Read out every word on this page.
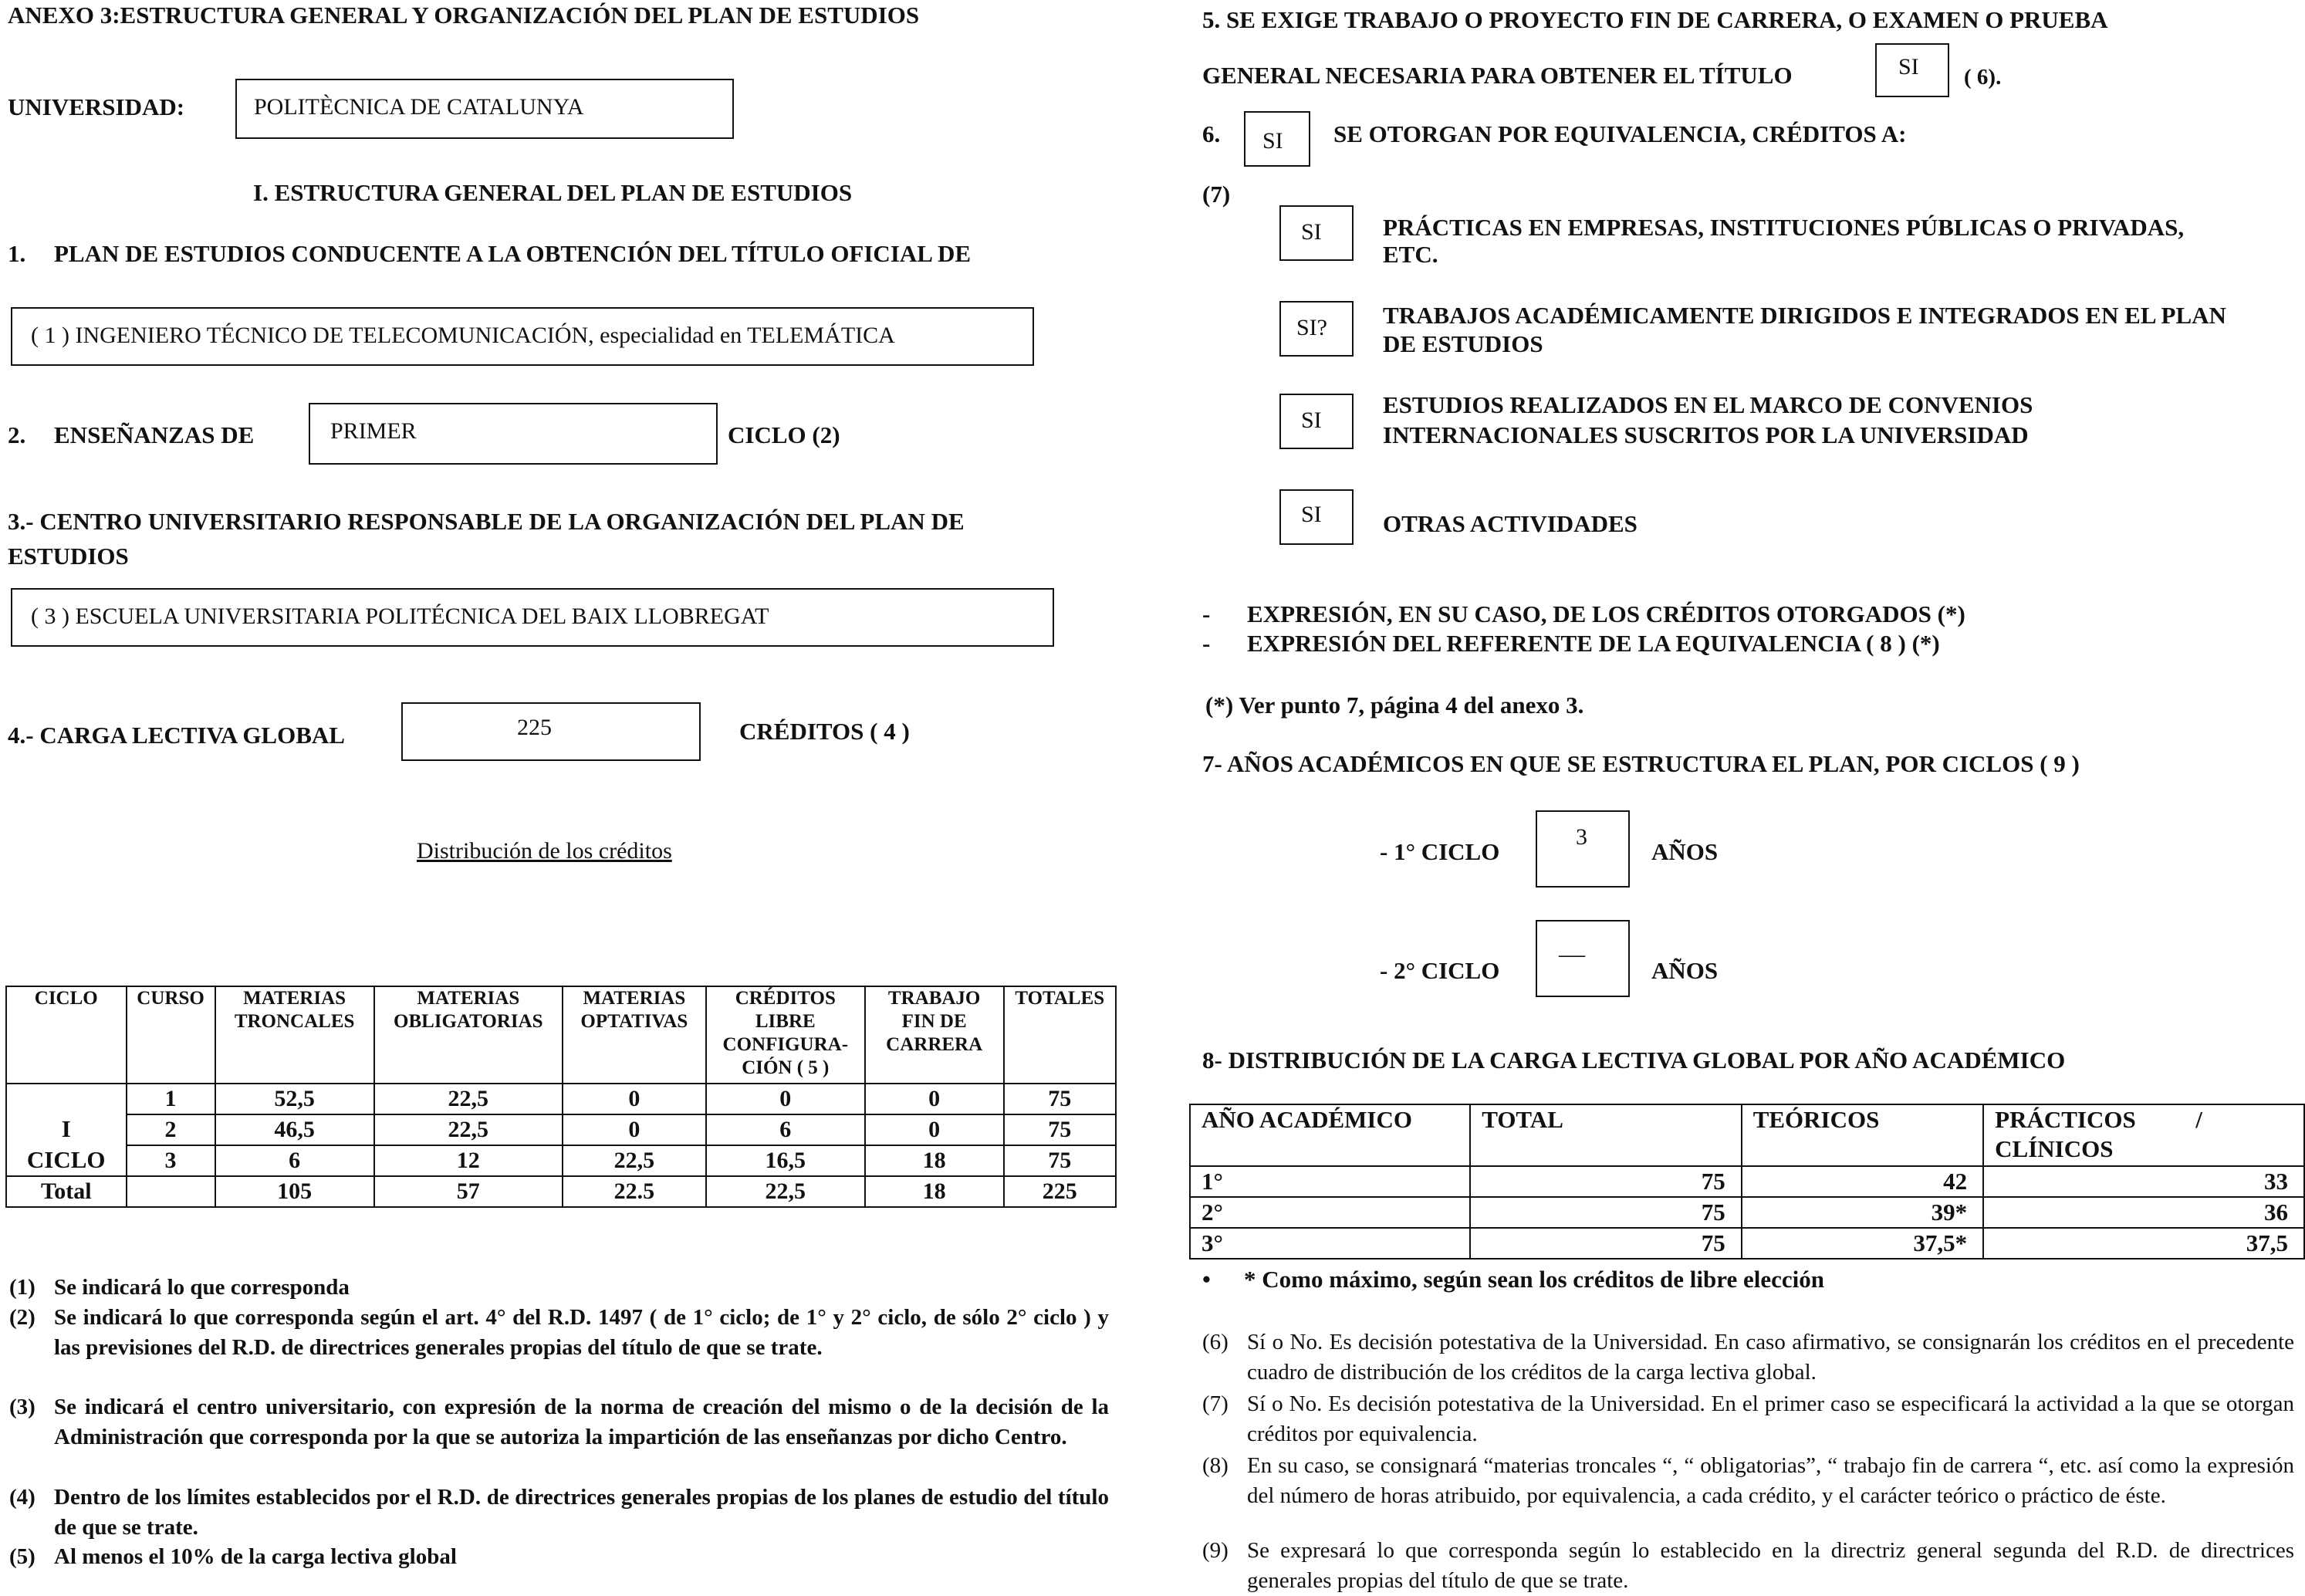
ANEXO 3:ESTRUCTURA GENERAL Y ORGANIZACIÓN DEL PLAN DE ESTUDIOS
UNIVERSIDAD:	POLITÈCNICA DE CATALUNYA
I. ESTRUCTURA GENERAL DEL PLAN DE ESTUDIOS
1. PLAN DE ESTUDIOS CONDUCENTE A LA OBTENCIÓN DEL TÍTULO OFICIAL DE
( 1 ) INGENIERO TÉCNICO DE TELECOMUNICACIÓN, especialidad en TELEMÁTICA
2. ENSEÑANZAS DE	PRIMER	CICLO (2)
3.- CENTRO UNIVERSITARIO RESPONSABLE DE LA ORGANIZACIÓN DEL PLAN DE
ESTUDIOS
( 3 ) ESCUELA UNIVERSITARIA POLITÉCNICA DEL BAIX LLOBREGAT
4.- CARGA LECTIVA GLOBAL	225	CRÉDITOS ( 4 )
Distribución de los créditos
CICLO	CURSO	MATERIAS TRONCALES	MATERIAS OBLIGATORIAS	MATERIAS OPTATIVAS	CRÉDITOS LIBRE CONFIGURA-CIÓN ( 5 )	TRABAJO FIN DE CARRERA	TOTALES

I
CICLO	1	52,5	22,5	0	0	0	75
	2	46,5	22,5	0	6	0	75
	3	6	12	22,5	16,5	18	75
Total		105	57	22.5	22,5	18	225
(1) Se indicará lo que corresponda
(2) Se indicará lo que corresponda según el art. 4° del R.D. 1497 ( de 1° ciclo; de 1° y 2° ciclo, de sólo 2° ciclo ) y las previsiones del R.D. de directrices generales propias del título de que se trate.
(3) Se indicará el centro universitario, con expresión de la norma de creación del mismo o de la decisión de la Administración que corresponda por la que se autoriza la impartición de las enseñanzas por dicho Centro.
(4) Dentro de los límites establecidos por el R.D. de directrices generales propias de los planes de estudio del título de que se trate.
(5) Al menos el 10% de la carga lectiva global
5. SE EXIGE TRABAJO O PROYECTO FIN DE CARRERA, O EXAMEN O PRUEBA
GENERAL NECESARIA PARA OBTENER EL TÍTULO	SI ( 6).
6. SI SE OTORGAN POR EQUIVALENCIA, CRÉDITOS A:
(7)
SI	PRÁCTICAS EN EMPRESAS, INSTITUCIONES PÚBLICAS O PRIVADAS,
ETC.
SI? TRABAJOS ACADÉMICAMENTE DIRIGIDOS E INTEGRADOS EN EL PLAN
DE ESTUDIOS
SI
ESTUDIOS REALIZADOS EN EL MARCO DE CONVENIOS
INTERNACIONALES SUSCRITOS POR LA UNIVERSIDAD
SI	OTRAS ACTIVIDADES
- EXPRESIÓN, EN SU CASO, DE LOS CRÉDITOS OTORGADOS (*)
- EXPRESIÓN DEL REFERENTE DE LA EQUIVALENCIA ( 8 ) (*)
(*) Ver punto 7, página 4 del anexo 3.
7- AÑOS ACADÉMICOS EN QUE SE ESTRUCTURA EL PLAN, POR CICLOS ( 9 )
- 1° CICLO
3
AÑOS
- 2° CICLO
—
AÑOS
8- DISTRIBUCIÓN DE LA CARGA LECTIVA GLOBAL POR AÑO ACADÉMICO
AÑO ACADÉMICO	TOTAL	TEÓRICOS	PRÁCTICOS          /
CLÍNICOS
1°	75	42	33
2°	75	39*	36
3°	75	37,5*	37,5
• * Como máximo, según sean los créditos de libre elección
(6) Sí o No. Es decisión potestativa de la Universidad. En caso afirmativo, se consignarán los créditos en el precedente cuadro de distribución de los créditos de la carga lectiva global.
(7) Sí o No. Es decisión potestativa de la Universidad. En el primer caso se especificará la actividad a la que se otorgan créditos por equivalencia.
(8) En su caso, se consignará “materias troncales “, “ obligatorias”, “ trabajo fin de carrera “, etc. así como la expresión del número de horas atribuido, por equivalencia, a cada crédito, y el carácter teórico o práctico de éste.
(9) Se expresará lo que corresponda según lo establecido en la directriz general segunda del R.D. de directrices generales propias del título de que se trate.
